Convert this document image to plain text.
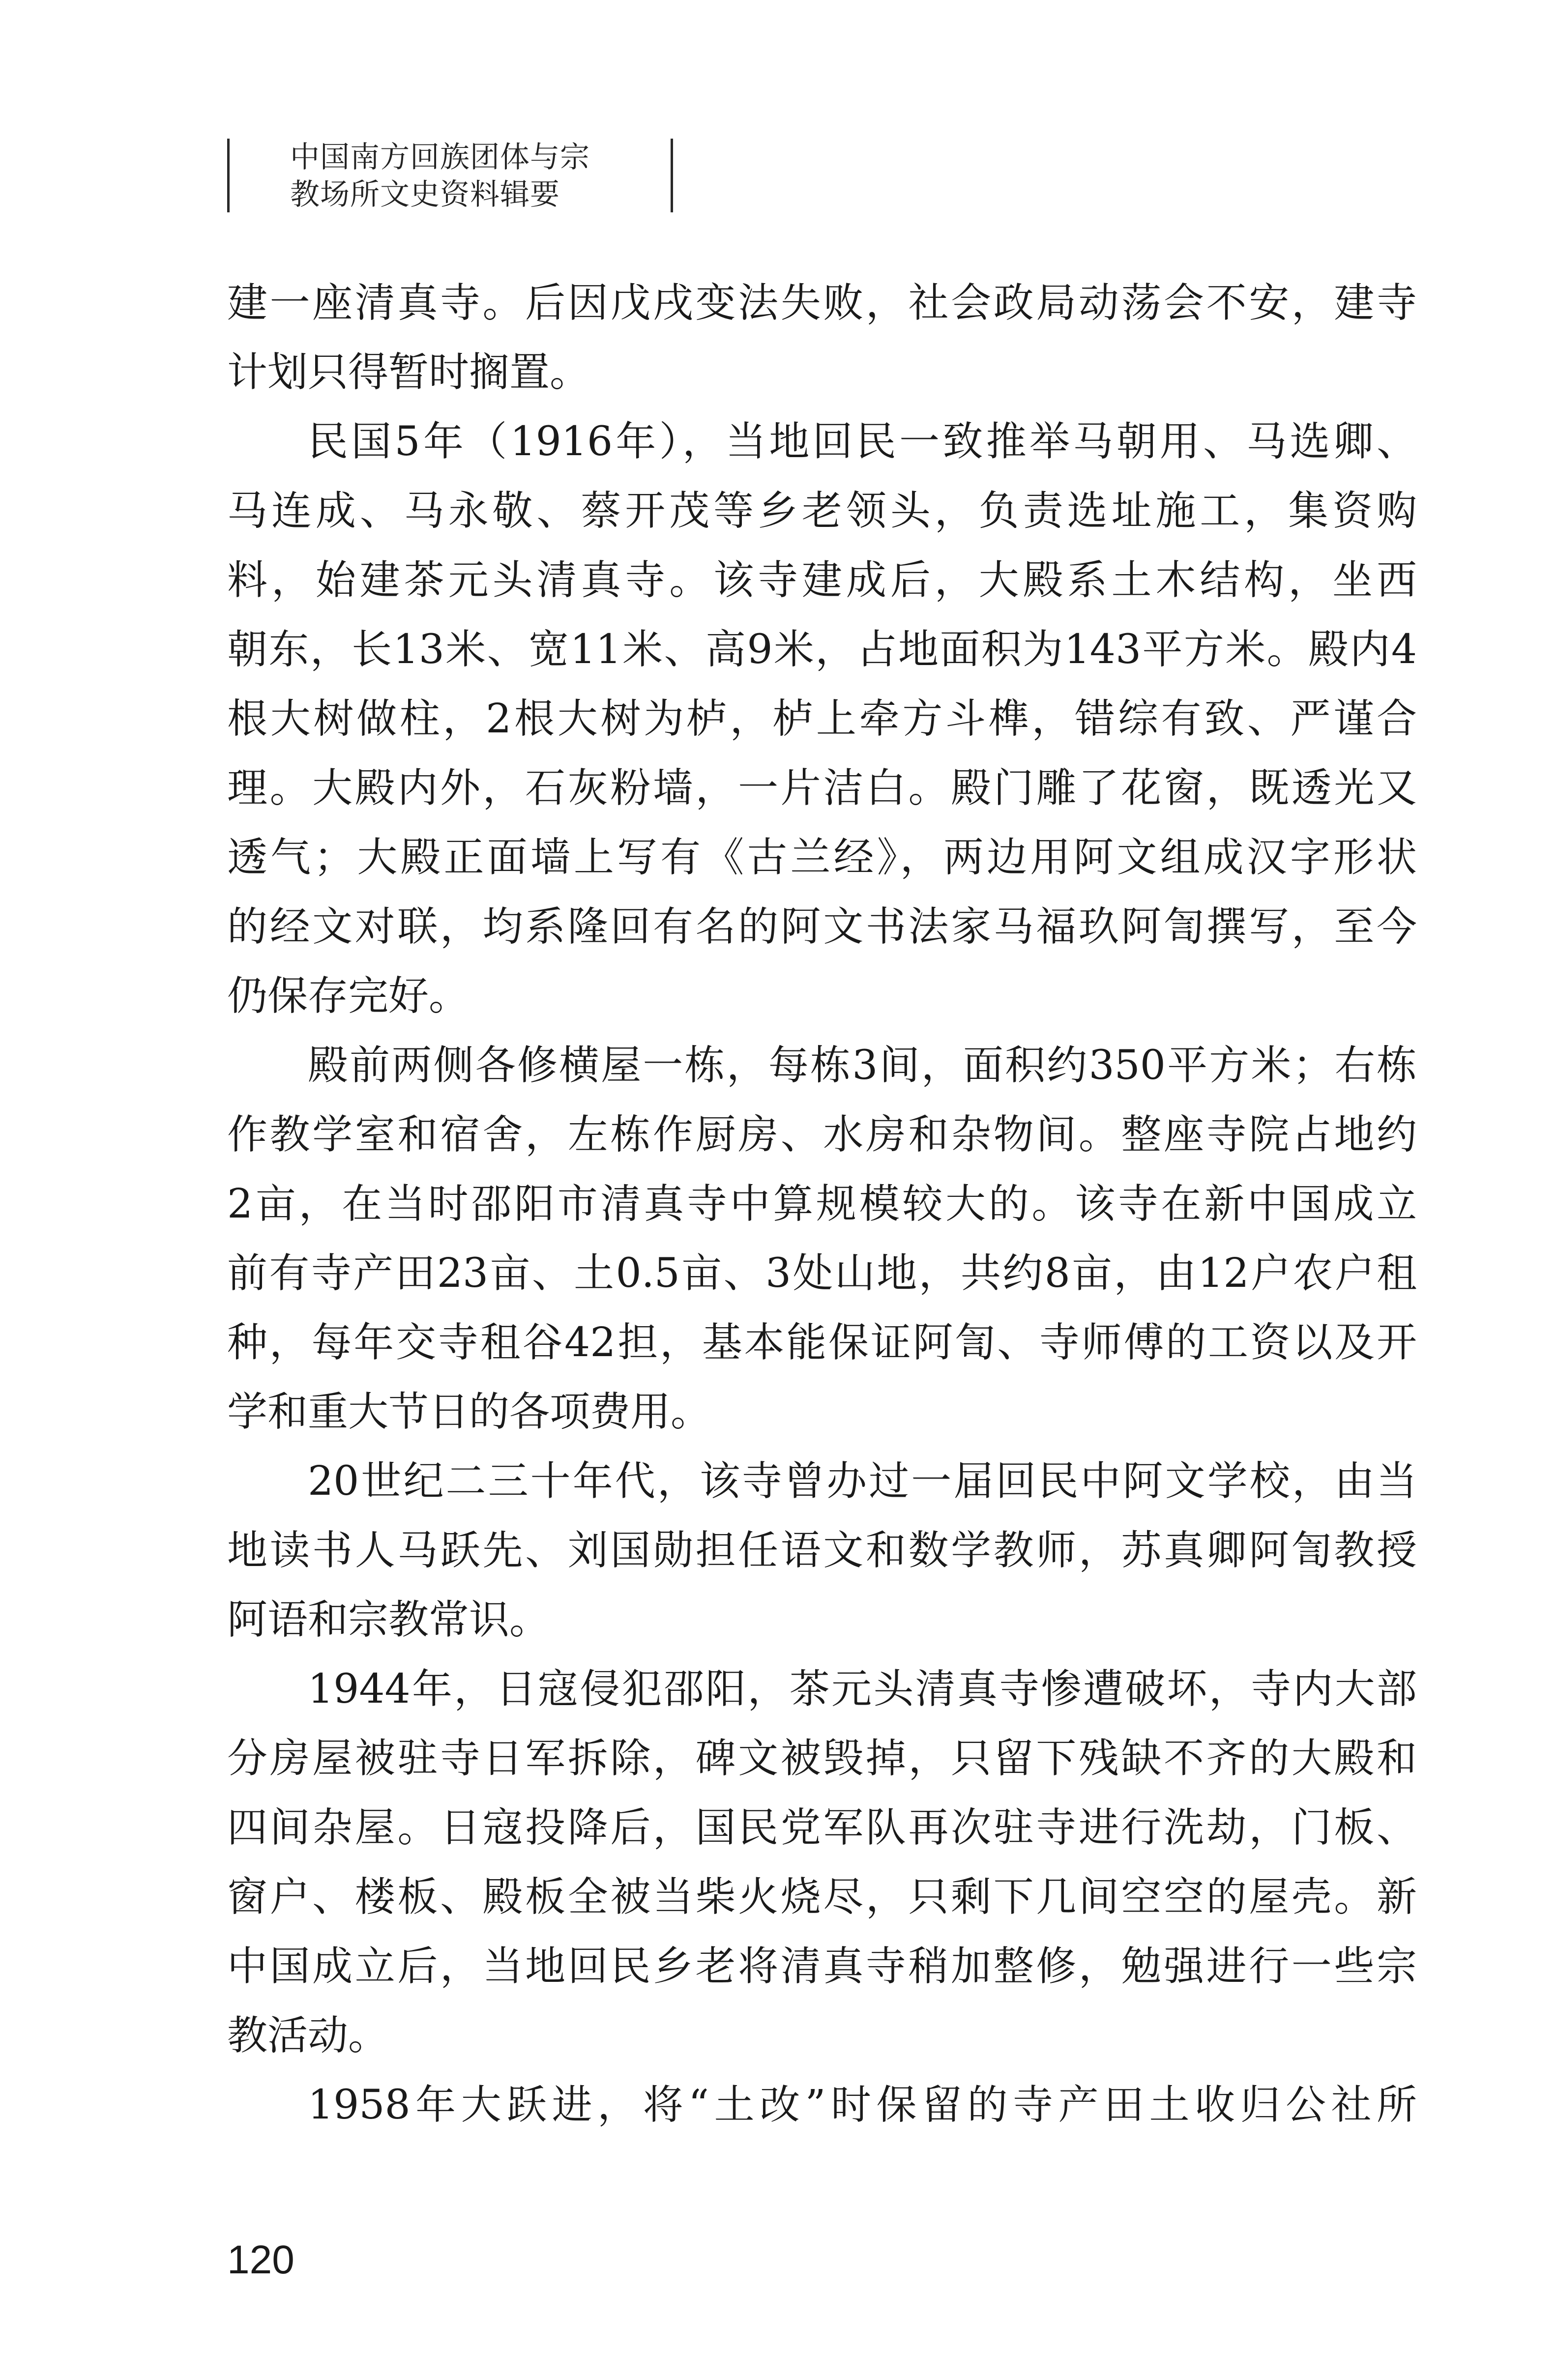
中国南方回族团体与宗
教场所文史资料辑要
建一座清真寺。后因戊戌变法失败，社会政局动荡会不安，建寺
计划只得暂时搁置。
民国5年（1916年），当地回民一致推举马朝用、马选卿、
马连成、马永敬、蔡开茂等乡老领头，负责选址施工，集资购
料，始建茶元头清真寺。该寺建成后，大殿系土木结构，坐西
朝东，长13米、宽11米、高9米，占地面积为143平方米。殿内4
根大树做柱，2根大树为栌，栌上牵方斗榫，错综有致、严谨合
理。大殿内外，石灰粉墙，一片洁白。殿门雕了花窗，既透光又
透气；大殿正面墙上写有《古兰经》，两边用阿文组成汉字形状
的经文对联，均系隆回有名的阿文书法家马福玖阿訇撰写，至今
仍保存完好。
殿前两侧各修横屋一栋，每栋3间，面积约350平方米；右栋
作教学室和宿舍，左栋作厨房、水房和杂物间。整座寺院占地约
2亩，在当时邵阳市清真寺中算规模较大的。该寺在新中国成立
前有寺产田23亩、土0.5亩、3处山地，共约8亩，由12户农户租
种，每年交寺租谷42担，基本能保证阿訇、寺师傅的工资以及开
学和重大节日的各项费用。
20世纪二三十年代，该寺曾办过一届回民中阿文学校，由当
地读书人马跃先、刘国勋担任语文和数学教师，苏真卿阿訇教授
阿语和宗教常识。
1944年，日寇侵犯邵阳，茶元头清真寺惨遭破坏，寺内大部
分房屋被驻寺日军拆除，碑文被毁掉，只留下残缺不齐的大殿和
四间杂屋。日寇投降后，国民党军队再次驻寺进行洗劫，门板、
窗户、楼板、殿板全被当柴火烧尽，只剩下几间空空的屋壳。新
中国成立后，当地回民乡老将清真寺稍加整修，勉强进行一些宗
教活动。
1958年大跃进，将“土改”时保留的寺产田土收归公社所
120
